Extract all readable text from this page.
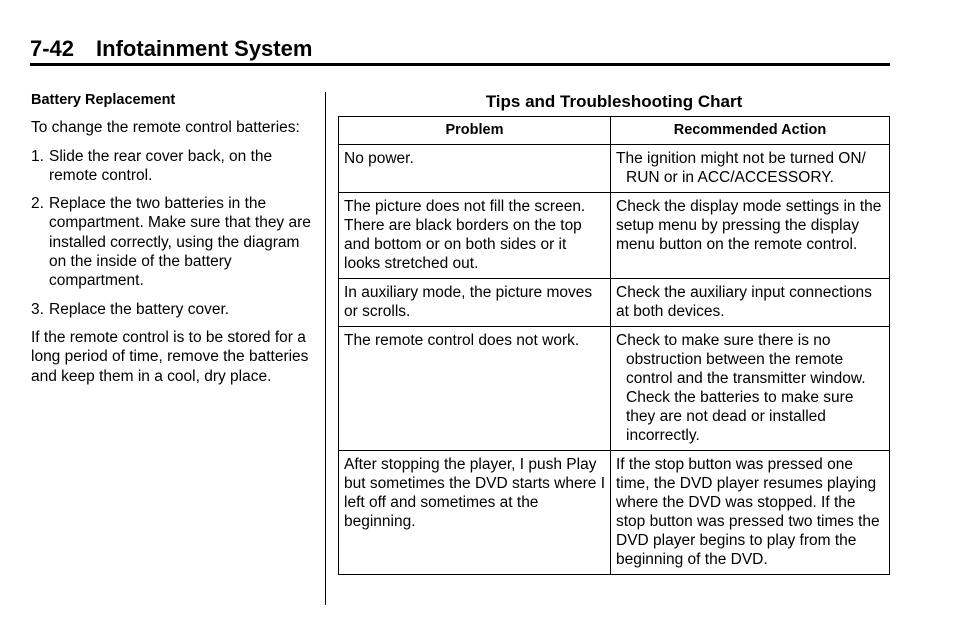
7-42 Infotainment System

Battery Replacement

To change the remote control batteries:

1. Slide the rear cover back, on the remote control.
2. Replace the two batteries in the compartment. Make sure that they are installed correctly, using the diagram on the inside of the battery compartment.
3. Replace the battery cover.

If the remote control is to be stored for a long period of time, remove the batteries and keep them in a cool, dry place.

Tips and Troubleshooting Chart
Problem	Recommended Action
No power.	The ignition might not be turned ON/ RUN or in ACC/ACCESSORY.

The picture does not fill the screen. There are black borders on the top and bottom or on both sides or it looks stretched out.	Check the display mode settings in the setup menu by pressing the display menu button on the remote control.
In auxiliary mode, the picture moves or scrolls.	Check the auxiliary input connections at both devices.
The remote control does not work.	Check to make sure there is no obstruction between the remote control and the transmitter window. Check the batteries to make sure they are not dead or installed incorrectly.

After stopping the player, I push Play but sometimes the DVD starts where I left off and sometimes at the beginning.	If the stop button was pressed one time, the DVD player resumes playing where the DVD was stopped. If the stop button was pressed two times the DVD player begins to play from the beginning of the DVD.
